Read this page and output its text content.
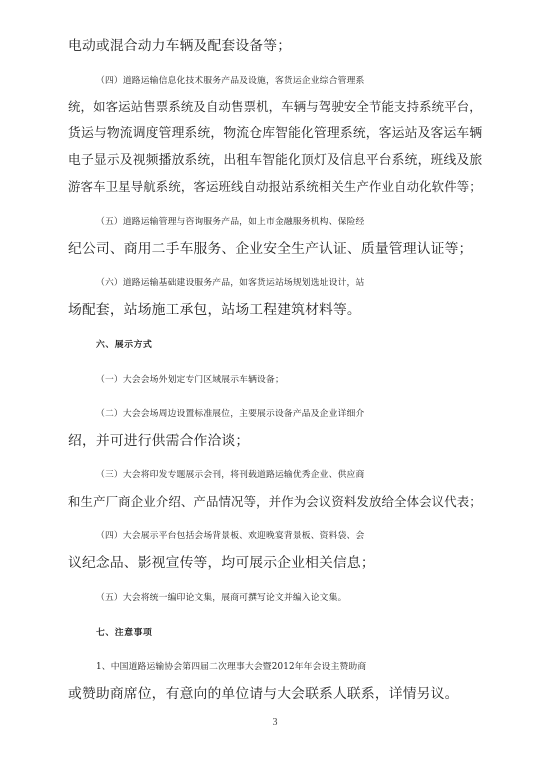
电动或混合动力车辆及配套设备等；
（四）道路运输信息化技术服务产品及设施，客货运企业综合管理系
统，如客运站售票系统及自动售票机，车辆与驾驶安全节能支持系统平台，
货运与物流调度管理系统，物流仓库智能化管理系统，客运站及客运车辆
电子显示及视频播放系统，出租车智能化顶灯及信息平台系统，班线及旅
游客车卫星导航系统，客运班线自动报站系统相关生产作业自动化软件等；
（五）道路运输管理与咨询服务产品，如上市金融服务机构、保险经
纪公司、商用二手车服务、企业安全生产认证、质量管理认证等；
（六）道路运输基础建设服务产品，如客货运站场规划选址设计，站
场配套，站场施工承包，站场工程建筑材料等。
六、展示方式
（一）大会会场外划定专门区域展示车辆设备；
（二）大会会场周边设置标准展位，主要展示设备产品及企业详细介
绍，并可进行供需合作洽谈；
（三）大会将印发专题展示会刊，将刊载道路运输优秀企业、供应商
和生产厂商企业介绍、产品情况等，并作为会议资料发放给全体会议代表；
（四）大会展示平台包括会场背景板、欢迎晚宴背景板、资料袋、会
议纪念品、影视宣传等，均可展示企业相关信息；
（五）大会将统一编印论文集，展商可撰写论文并编入论文集。
七、注意事项
1、中国道路运输协会第四届二次理事大会暨2012年年会设主赞助商
或赞助商席位，有意向的单位请与大会联系人联系，详情另议。
3
